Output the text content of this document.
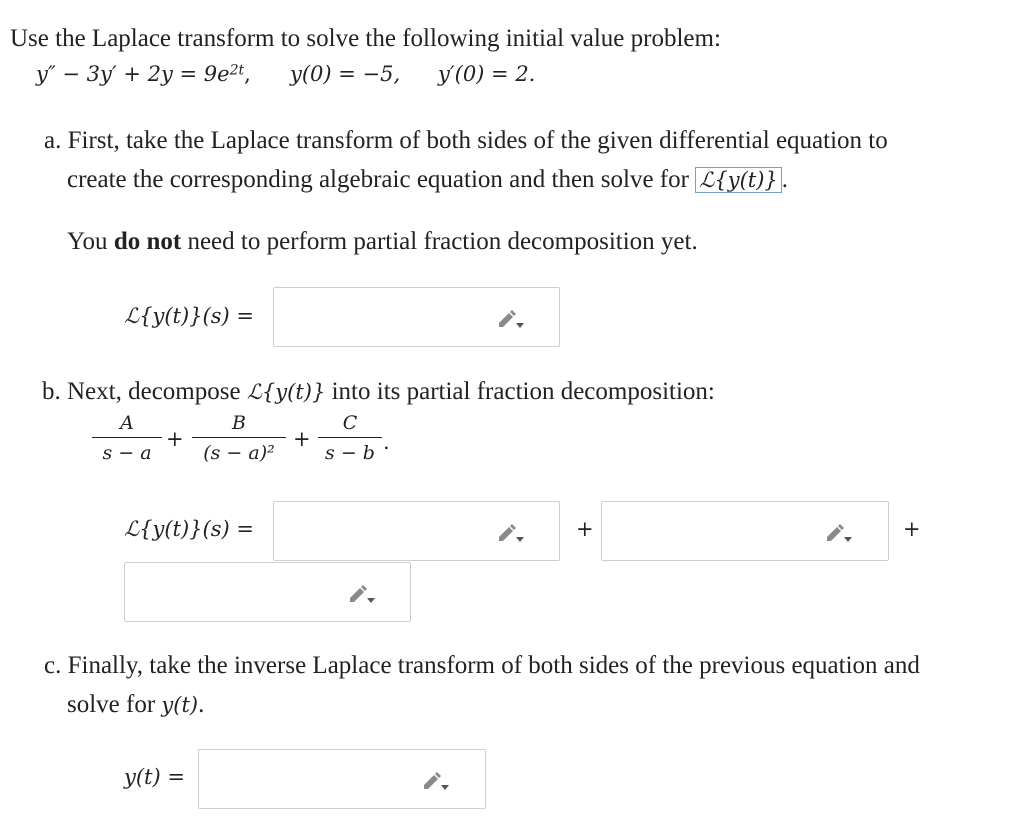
Use the Laplace transform to solve the following initial value problem:
$y'' - 3y' + 2y = 9e^{2t}$, y(0) = −5, y′(0) = 2.
a. First, take the Laplace transform of both sides of the given differential equation to
create the corresponding algebraic equation and then solve for ℒ{y(t)} .
You do not need to perform partial fraction decomposition yet.
ℒ{y(t)}(s) =
b. Next, decompose ℒ{y(t)} into its partial fraction decomposition:
A
s − a
+
B
(s − a)²
+
C
s − b .
ℒ{y(t)}(s) =	+	+
c. Finally, take the inverse Laplace transform of both sides of the previous equation and
solve for y(t).
y(t) =
